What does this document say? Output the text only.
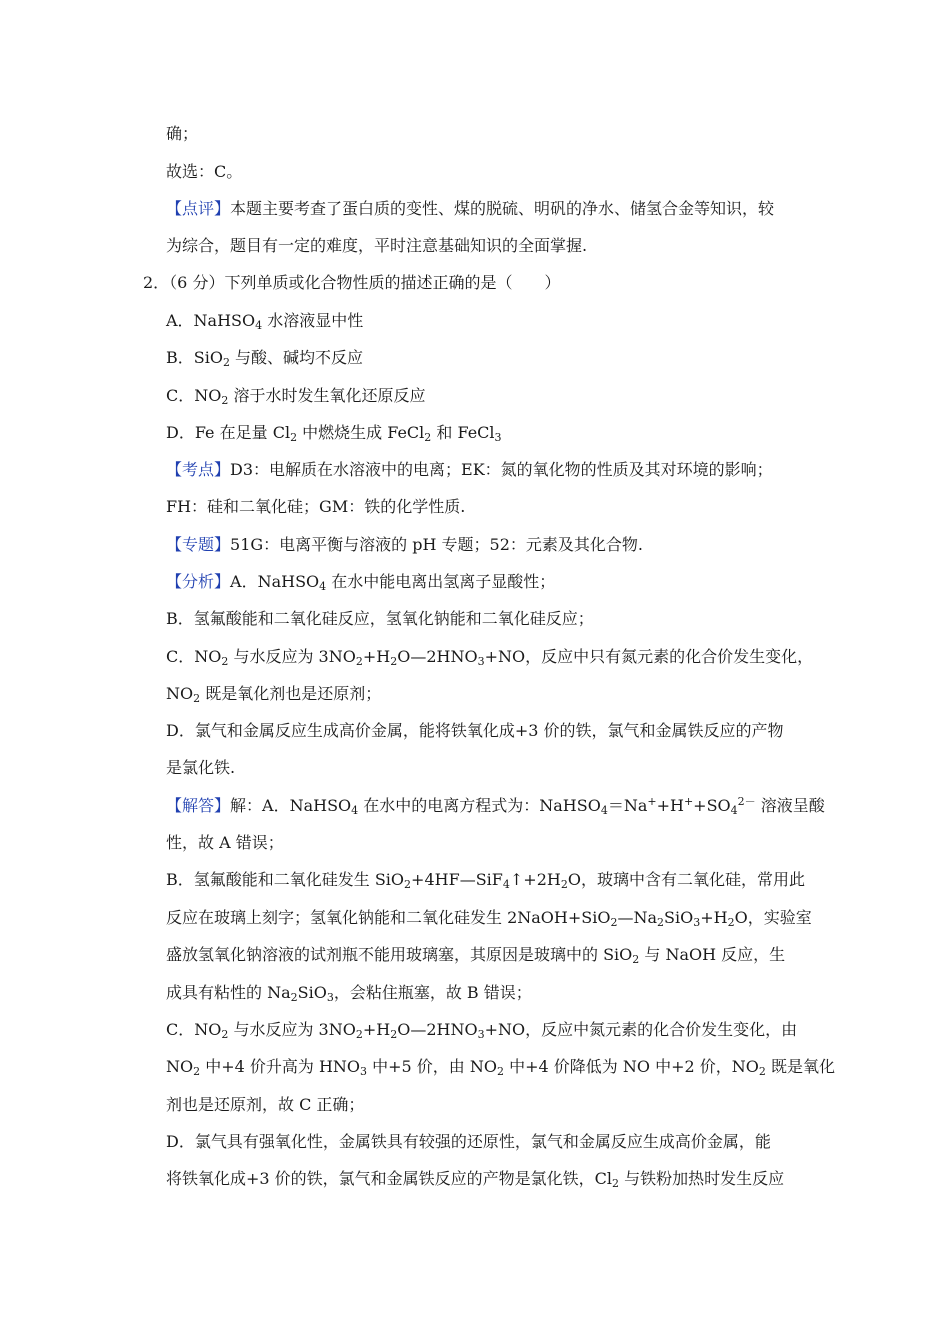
确；
故选：C。
【点评】本题主要考查了蛋白质的变性、煤的脱硫、明矾的净水、储氢合金等知识，较
为综合，题目有一定的难度，平时注意基础知识的全面掌握.
2．（6 分）下列单质或化合物性质的描述正确的是（　　）
A．NaHSO$_4$ 水溶液显中性
B．SiO$_2$ 与酸、碱均不反应
C．$NO_2$ 溶于水时发生氧化还原反应
D．Fe 在足量 $Cl_2$ 中燃烧生成 FeCl$_2$ 和 FeCl$_3$
【考点】D3：电解质在水溶液中的电离；EK：氮的氧化物的性质及其对环境的影响；
FH：硅和二氧化硅；GM：铁的化学性质.
【专题】51G：电离平衡与溶液的 pH 专题；52：元素及其化合物.
【分析】A．NaHSO$_4$ 在水中能电离出氢离子显酸性；
B．氢氟酸能和二氧化硅反应，氢氧化钠能和二氧化硅反应；
C．$NO_2$ 与水反应为 $3NO_2+H_2O—2HNO_3+NO$，反应中只有氮元素的化合价发生变化，
$NO_2$ 既是氧化剂也是还原剂；
D．氯气和金属反应生成高价金属，能将铁氧化成+3 价的铁，氯气和金属铁反应的产物
是氯化铁.
【解答】解：A．NaHSO$_4$ 在水中的电离方程式为：$NaHSO_4=Na^++H^++SO_4^{2-}$ 溶液呈酸
性，故 A 错误；
B．氢氟酸能和二氧化硅发生 $SiO_2+4HF—SiF_4↑+2H_2O$，玻璃中含有二氧化硅，常用此
反应在玻璃上刻字；氢氧化钠能和二氧化硅发生 $2NaOH+SiO_2—Na_2SiO_3+H_2O$，实验室
盛放氢氧化钠溶液的试剂瓶不能用玻璃塞，其原因是玻璃中的 SiO$_2$ 与 NaOH 反应，生
成具有粘性的 $Na_2SiO_3$，会粘住瓶塞，故 B 错误；
C．$NO_2$ 与水反应为 $3NO_2+H_2O—2HNO_3+NO$，反应中氮元素的化合价发生变化，由
$NO_2$ 中+4 价升高为 $HNO_3$ 中+5 价，由 $NO_2$ 中+4 价降低为 NO 中+2 价，$NO_2$ 既是氧化
剂也是还原剂，故 C 正确；
D．氯气具有强氧化性，金属铁具有较强的还原性，氯气和金属反应生成高价金属，能
将铁氧化成+3 价的铁，氯气和金属铁反应的产物是氯化铁，$Cl_2$ 与铁粉加热时发生反应
